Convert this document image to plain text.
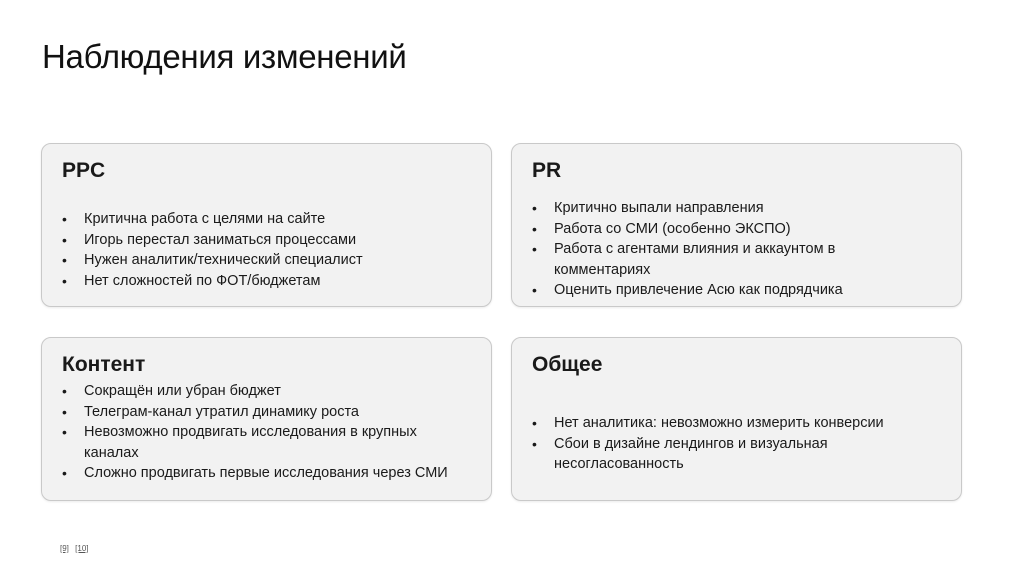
Наблюдения изменений
PPC
• Критична работа с целями на сайте
• Игорь перестал заниматься процессами
• Нужен аналитик/технический специалист
• Нет сложностей по ФОТ/бюджетам
PR
• Критично выпали направления
• Работа со СМИ (особенно ЭКСПО)
• Работа с агентами влияния и аккаунтом в комментариях
• Оценить привлечение Асю как подрядчика
Контент
• Сокращён или убран бюджет
• Телеграм-канал утратил динамику роста
• Невозможно продвигать исследования в крупных каналах
• Сложно продвигать первые исследования через СМИ
Общее
• Нет аналитика: невозможно измерить конверсии
• Сбои в дизайне лендингов и визуальная несогласованность
[9] [10]
